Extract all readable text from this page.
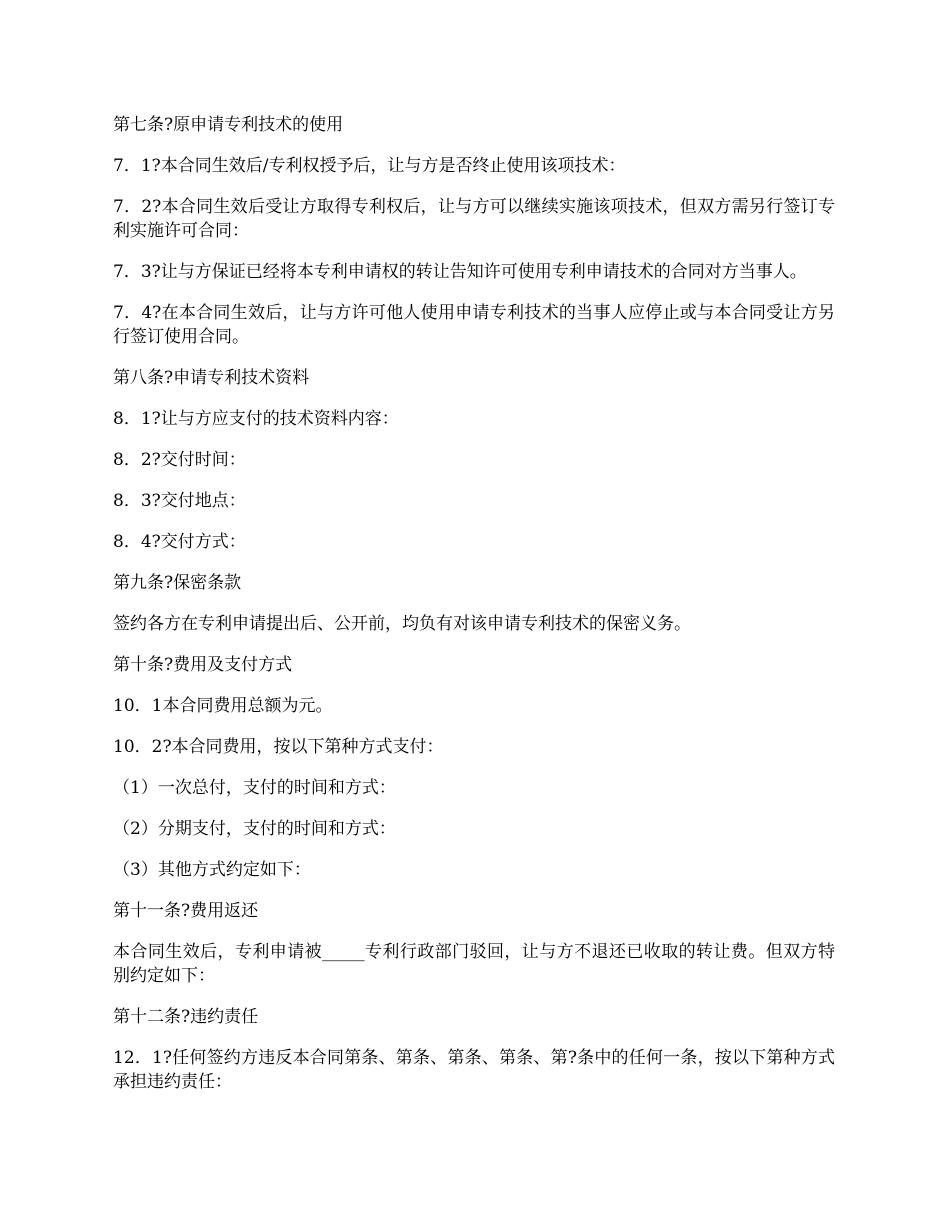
第七条?原申请专利技术的使用

7．1?本合同生效后/专利权授予后，让与方是否终止使用该项技术：

7．2?本合同生效后受让方取得专利权后，让与方可以继续实施该项技术，但双方需另行签订专利实施许可合同：

7．3?让与方保证已经将本专利申请权的转让告知许可使用专利申请技术的合同对方当事人。

7．4?在本合同生效后，让与方许可他人使用申请专利技术的当事人应停止或与本合同受让方另行签订使用合同。

第八条?申请专利技术资料

8．1?让与方应支付的技术资料内容：

8．2?交付时间：

8．3?交付地点：

8．4?交付方式：

第九条?保密条款

签约各方在专利申请提出后、公开前，均负有对该申请专利技术的保密义务。

第十条?费用及支付方式

10．1本合同费用总额为元。

10．2?本合同费用，按以下第种方式支付：

（1）一次总付，支付的时间和方式：

（2）分期支付，支付的时间和方式：

（3）其他方式约定如下：

第十一条?费用返还

本合同生效后，专利申请被_____专利行政部门驳回，让与方不退还已收取的转让费。但双方特别约定如下：

第十二条?违约责任

12．1?任何签约方违反本合同第条、第条、第条、第条、第?条中的任何一条，按以下第种方式承担违约责任：
